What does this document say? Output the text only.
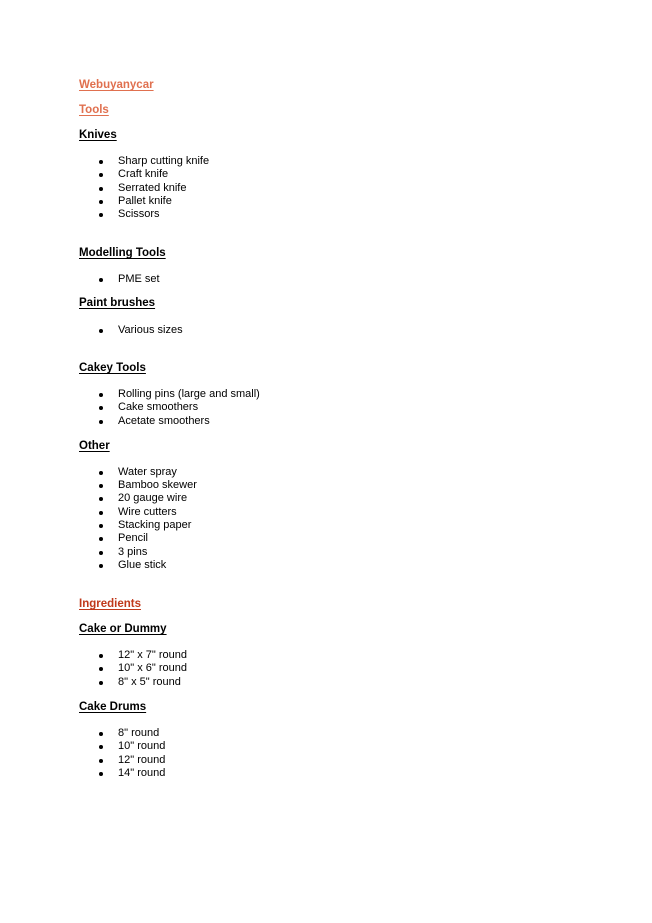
Webuyanycar
Tools
Knives
Sharp cutting knife
Craft knife
Serrated knife
Pallet knife
Scissors
Modelling Tools
PME set
Paint brushes
Various sizes
Cakey Tools
Rolling pins (large and small)
Cake smoothers
Acetate smoothers
Other
Water spray
Bamboo skewer
20 gauge wire
Wire cutters
Stacking paper
Pencil
3 pins
Glue stick
Ingredients
Cake or Dummy
12" x 7" round
10" x 6" round
8" x 5" round
Cake Drums
8" round
10" round
12" round
14" round
